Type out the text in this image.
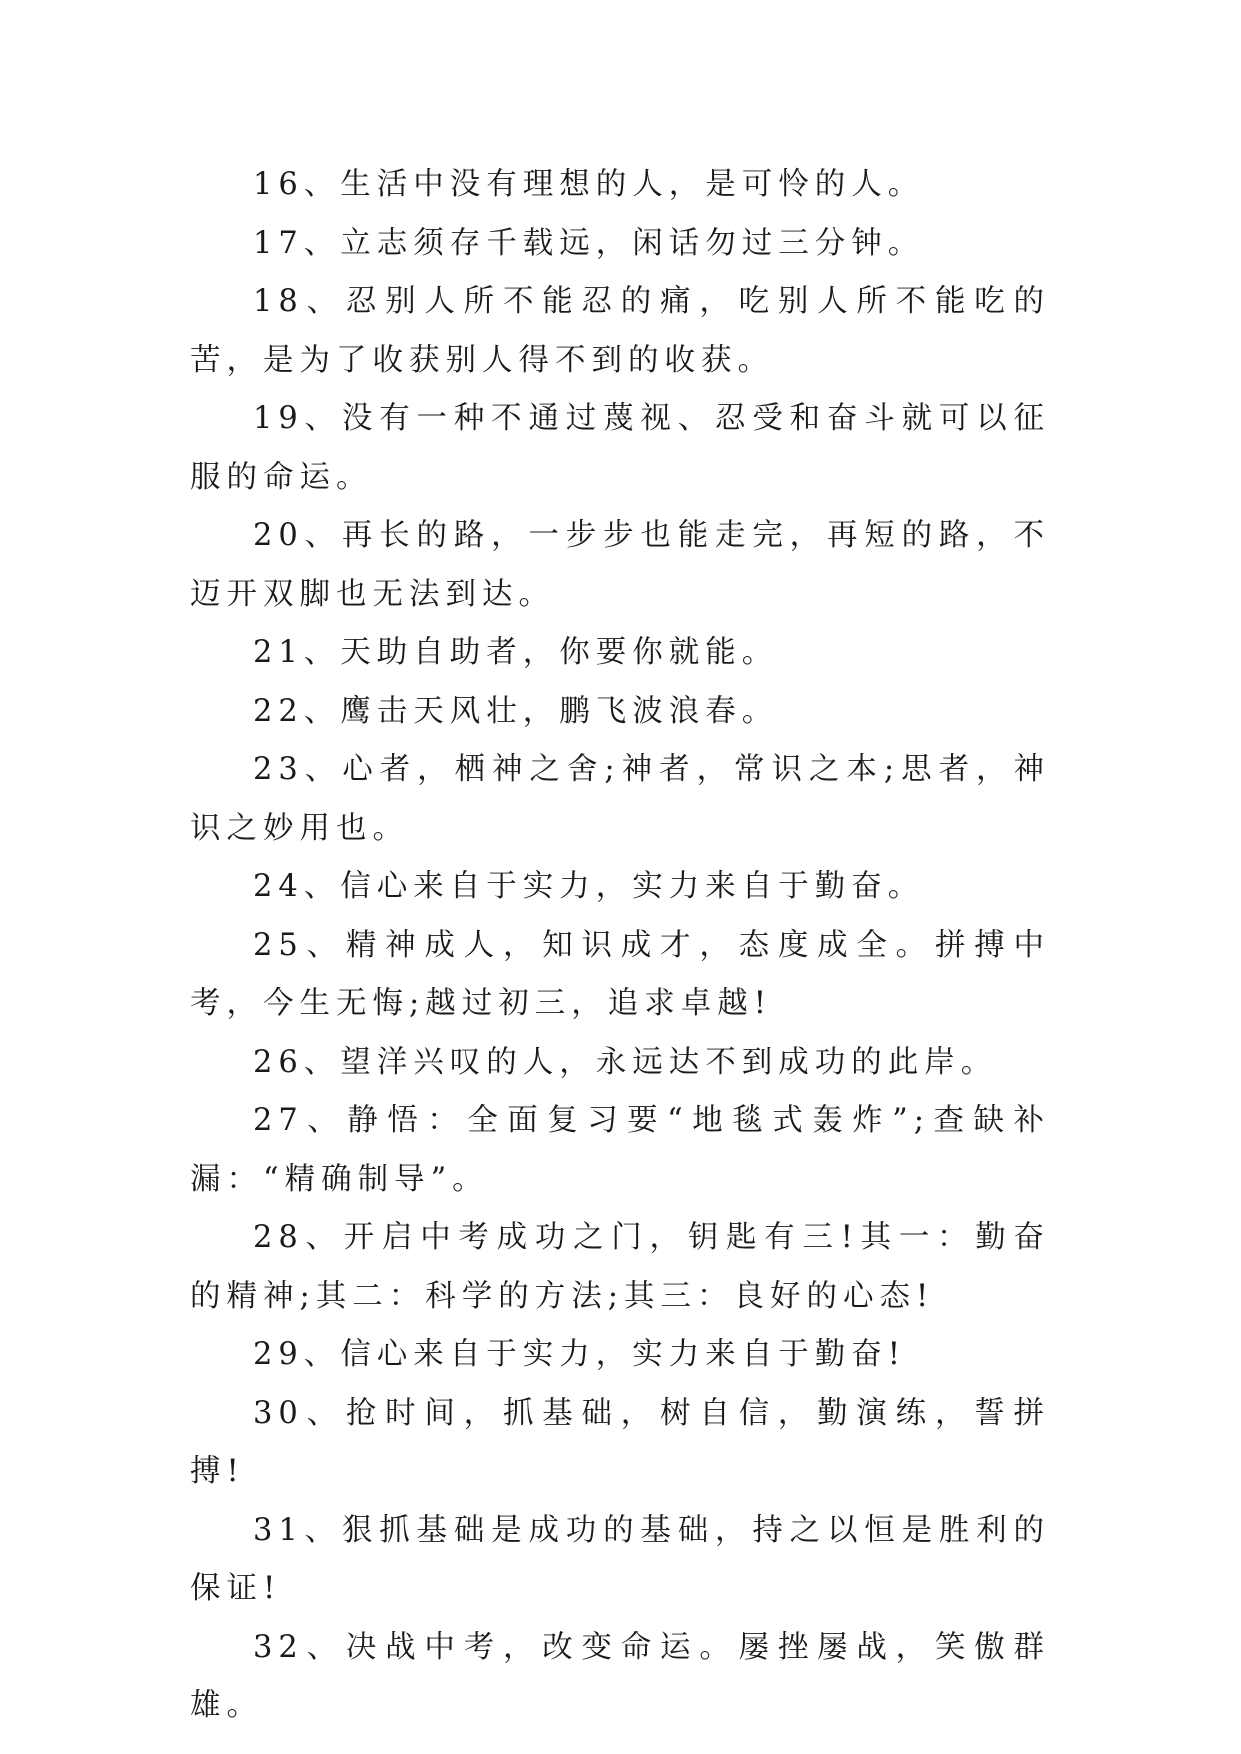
16、生活中没有理想的人，是可怜的人。

17、立志须存千载远，闲话勿过三分钟。

18、忍别人所不能忍的痛，吃别人所不能吃的苦，是为了收获别人得不到的收获。

19、没有一种不通过蔑视、忍受和奋斗就可以征服的命运。

20、再长的路，一步步也能走完，再短的路，不迈开双脚也无法到达。

21、天助自助者，你要你就能。

22、鹰击天风壮，鹏飞波浪春。

23、心者，栖神之舍;神者，常识之本;思者，神识之妙用也。

24、信心来自于实力，实力来自于勤奋。

25、精神成人，知识成才，态度成全。拼搏中考，今生无悔;越过初三，追求卓越!

26、望洋兴叹的人，永远达不到成功的此岸。

27、静悟：全面复习要“地毯式轰炸”;查缺补漏：“精确制导”。

28、开启中考成功之门，钥匙有三!其一：勤奋的精神;其二：科学的方法;其三：良好的心态!

29、信心来自于实力，实力来自于勤奋!

30、抢时间，抓基础，树自信，勤演练，誓拼搏!

31、狠抓基础是成功的基础，持之以恒是胜利的保证!

32、决战中考，改变命运。屡挫屡战，笑傲群雄。
